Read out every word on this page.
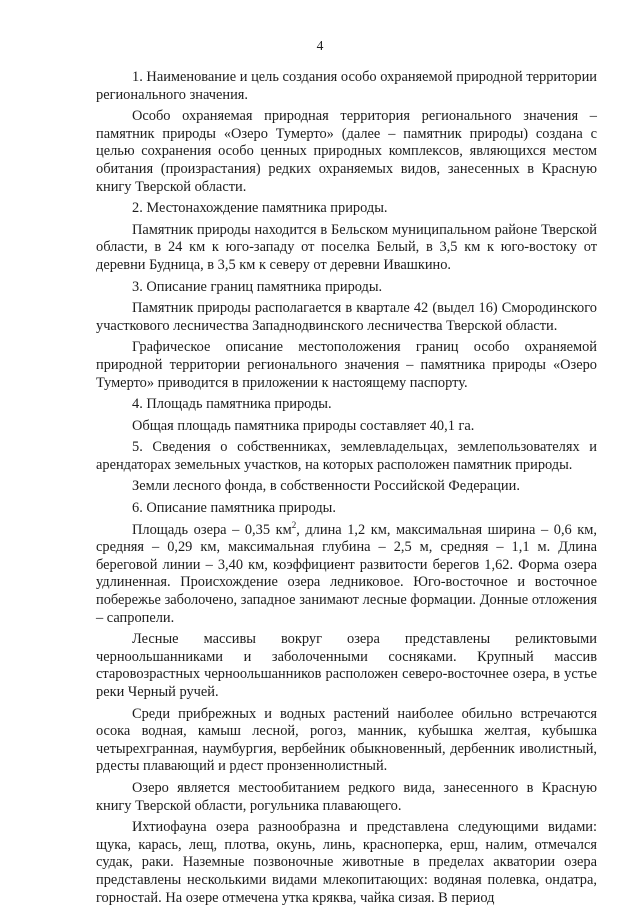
4

1. Наименование и цель создания особо охраняемой природной территории регионального значения.

Особо охраняемая природная территория регионального значения – памятник природы «Озеро Тумерто» (далее – памятник природы) создана с целью сохранения особо ценных природных комплексов, являющихся местом обитания (произрастания) редких охраняемых видов, занесенных в Красную книгу Тверской области.

2. Местонахождение памятника природы.

Памятник природы находится в Бельском муниципальном районе Тверской области, в 24 км к юго-западу от поселка Белый, в 3,5 км к юго-востоку от деревни Будница, в 3,5 км к северу от деревни Ивашкино.

3. Описание границ памятника природы.

Памятник природы располагается в квартале 42 (выдел 16) Смородинского участкового лесничества Западнодвинского лесничества Тверской области.

Графическое описание местоположения границ особо охраняемой природной территории регионального значения – памятника природы «Озеро Тумерто» приводится в приложении к настоящему паспорту.

4. Площадь памятника природы.

Общая площадь памятника природы составляет 40,1 га.

5. Сведения о собственниках, землевладельцах, землепользователях и арендаторах земельных участков, на которых расположен памятник природы.

Земли лесного фонда, в собственности Российской Федерации.

6. Описание памятника природы.

Площадь озера – 0,35 $км^2$, длина 1,2 км, максимальная ширина – 0,6 км, средняя – 0,29 км, максимальная глубина – 2,5 м, средняя – 1,1 м. Длина береговой линии – 3,40 км, коэффициент развитости берегов 1,62. Форма озера удлиненная. Происхождение озера ледниковое. Юго-восточное и восточное побережье заболочено, западное занимают лесные формации. Донные отложения – сапропели.

Лесные массивы вокруг озера представлены реликтовыми черноольшанниками и заболоченными сосняками. Крупный массив старовозрастных черноольшанников расположен северо-восточнее озера, в устье реки Черный ручей.

Среди прибрежных и водных растений наиболее обильно встречаются осока водная, камыш лесной, рогоз, манник, кубышка желтая, кубышка четырехгранная, наумбургия, вербейник обыкновенный, дербенник иволистный, рдесты плавающий и рдест пронзеннолистный.

Озеро является местообитанием редкого вида, занесенного в Красную книгу Тверской области, рогульника плавающего.

Ихтиофауна озера разнообразна и представлена следующими видами: щука, карась, лещ, плотва, окунь, линь, красноперка, ерш, налим, отмечался судак, раки. Наземные позвоночные животные в пределах акватории озера представлены несколькими видами млекопитающих: водяная полевка, ондатра, горностай. На озере отмечена утка кряква, чайка сизая. В период
